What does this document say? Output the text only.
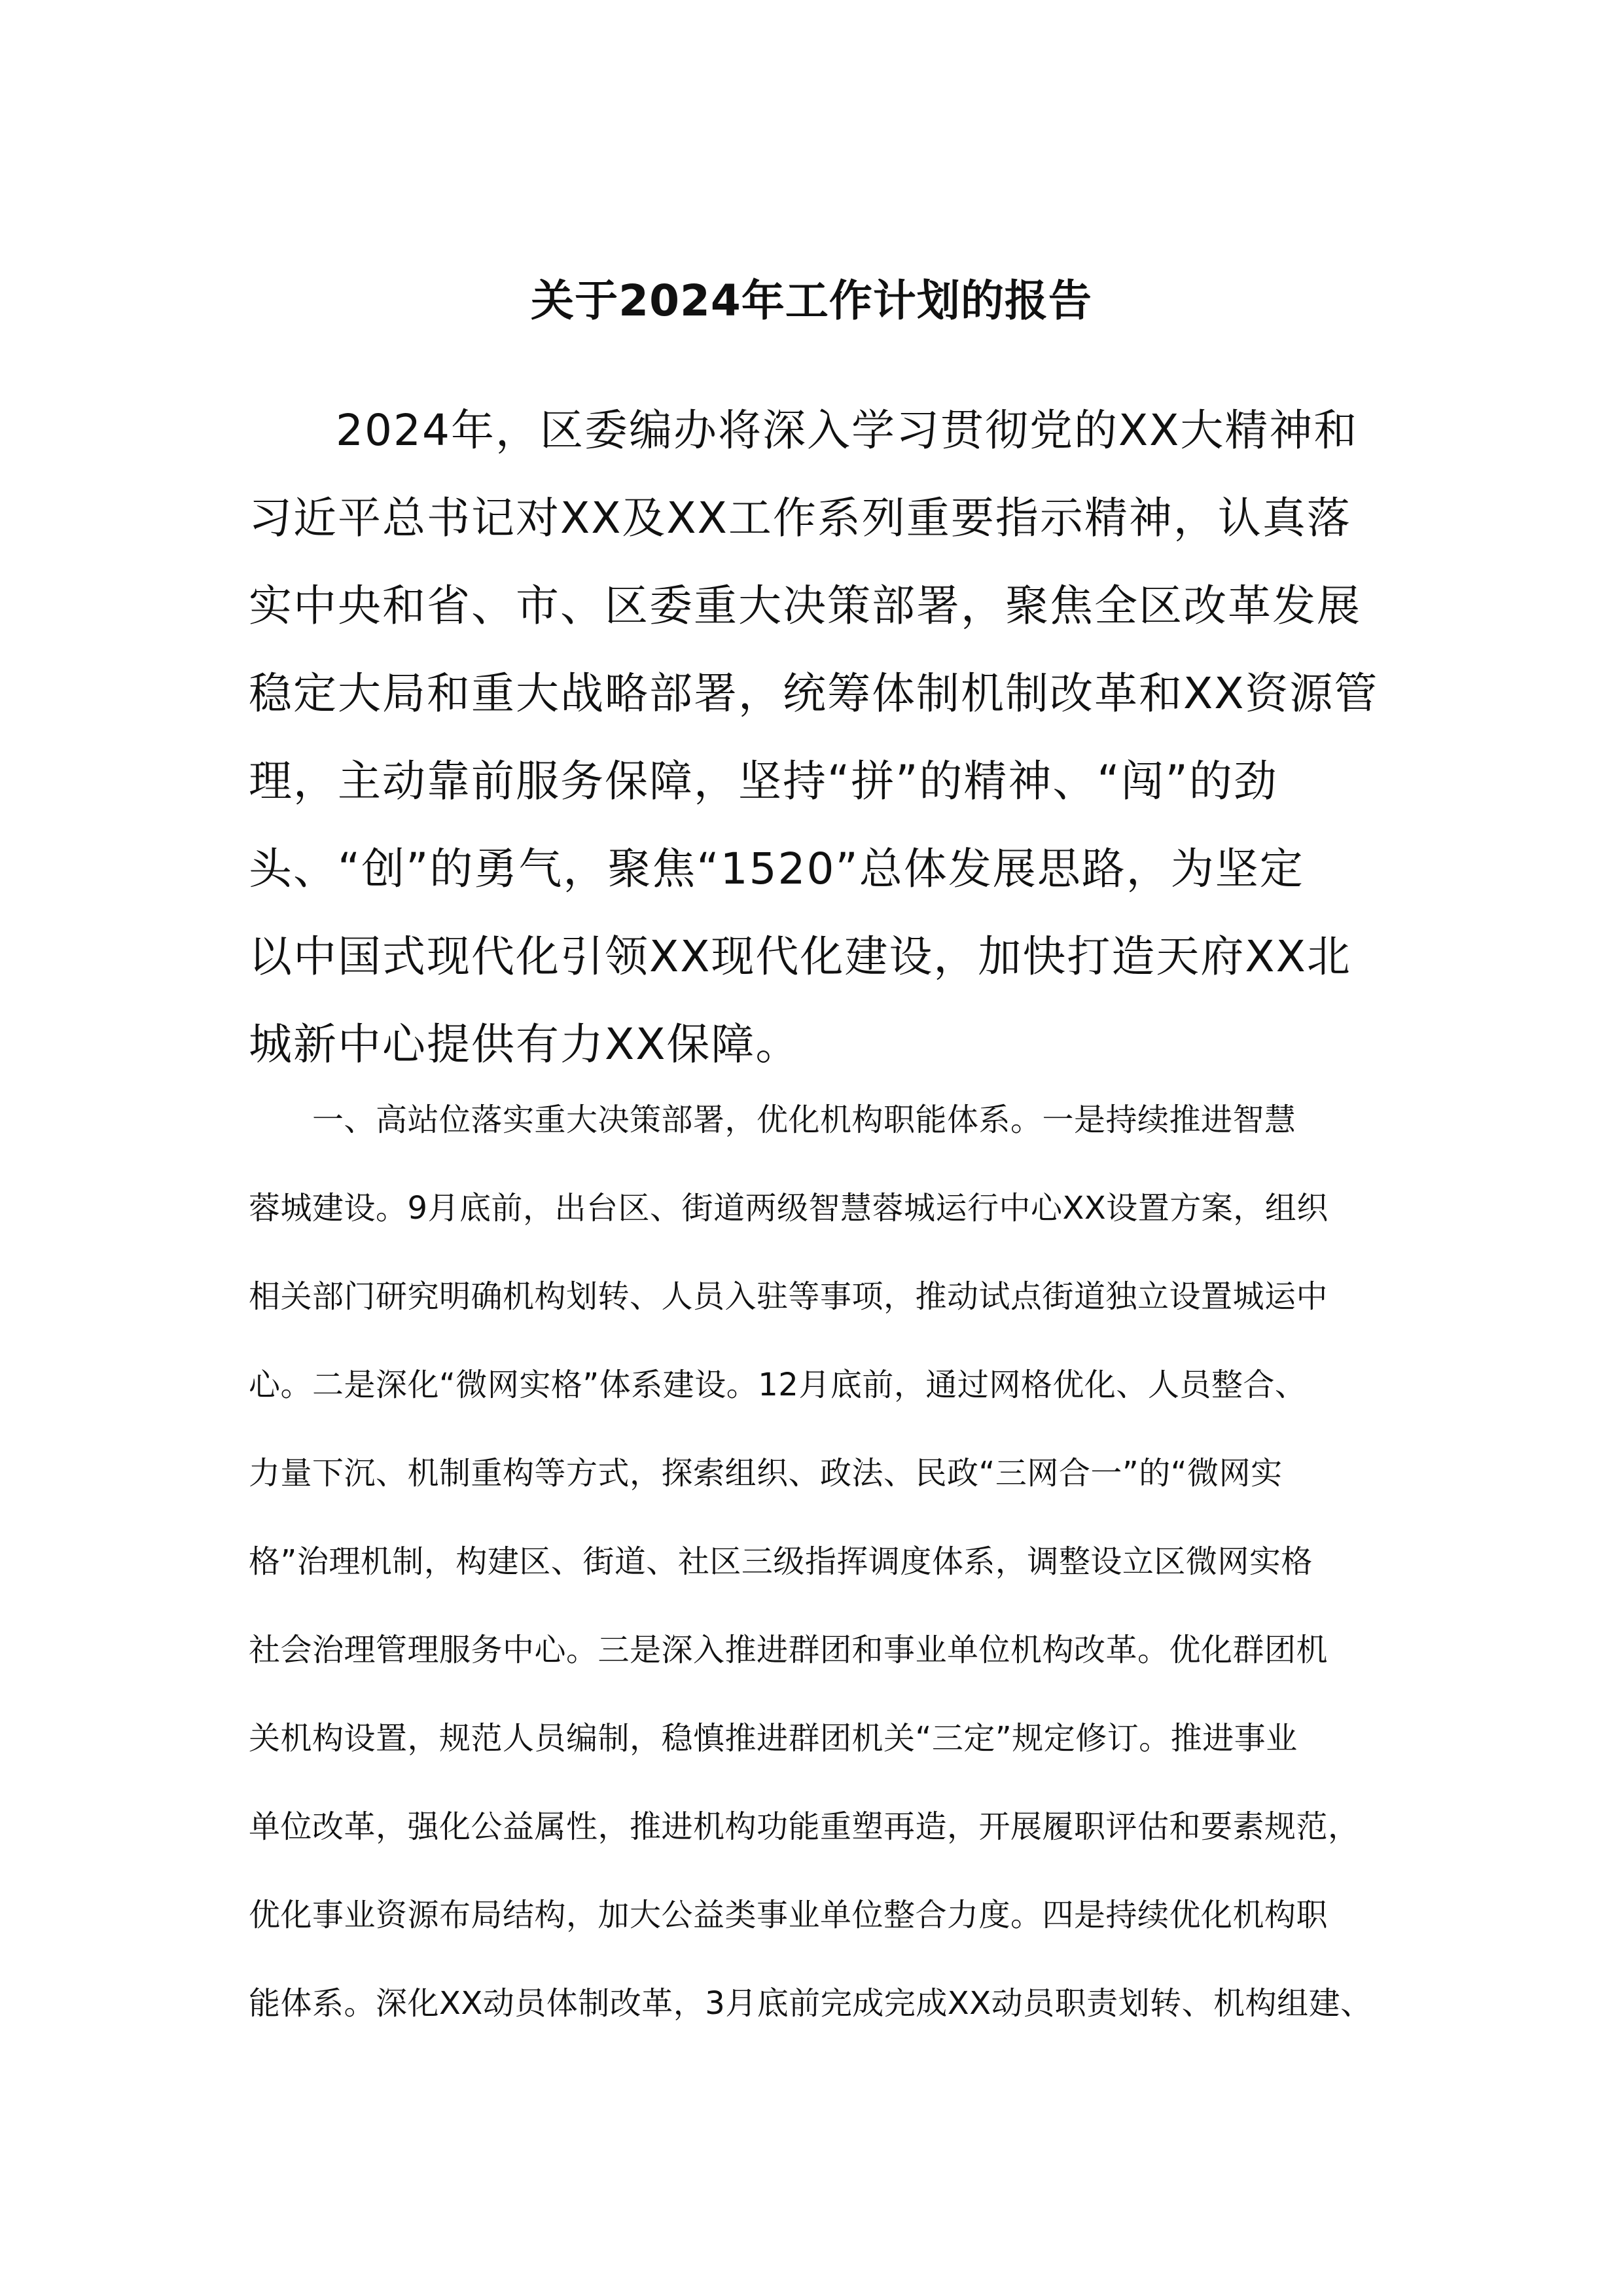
关于2024年工作计划的报告
2024年，区委编办将深入学习贯彻党的XX大精神和
习近平总书记对XX及XX工作系列重要指示精神，认真落
实中央和省、市、区委重大决策部署，聚焦全区改革发展
稳定大局和重大战略部署，统筹体制机制改革和XX资源管
理，主动靠前服务保障，坚持“拼”的精神、“闯”的劲
头、“创”的勇气，聚焦“1520”总体发展思路，为坚定
以中国式现代化引领XX现代化建设，加快打造天府XX北
城新中心提供有力XX保障。
一、高站位落实重大决策部署，优化机构职能体系。一是持续推进智慧
蓉城建设。9月底前，出台区、街道两级智慧蓉城运行中心XX设置方案，组织
相关部门研究明确机构划转、人员入驻等事项，推动试点街道独立设置城运中
心。二是深化“微网实格”体系建设。12月底前，通过网格优化、人员整合、
力量下沉、机制重构等方式，探索组织、政法、民政“三网合一”的“微网实
格”治理机制，构建区、街道、社区三级指挥调度体系，调整设立区微网实格
社会治理管理服务中心。三是深入推进群团和事业单位机构改革。优化群团机
关机构设置，规范人员编制，稳慎推进群团机关“三定”规定修订。推进事业
单位改革，强化公益属性，推进机构功能重塑再造，开展履职评估和要素规范，
优化事业资源布局结构，加大公益类事业单位整合力度。四是持续优化机构职
能体系。深化XX动员体制改革，3月底前完成完成XX动员职责划转、机构组建、
